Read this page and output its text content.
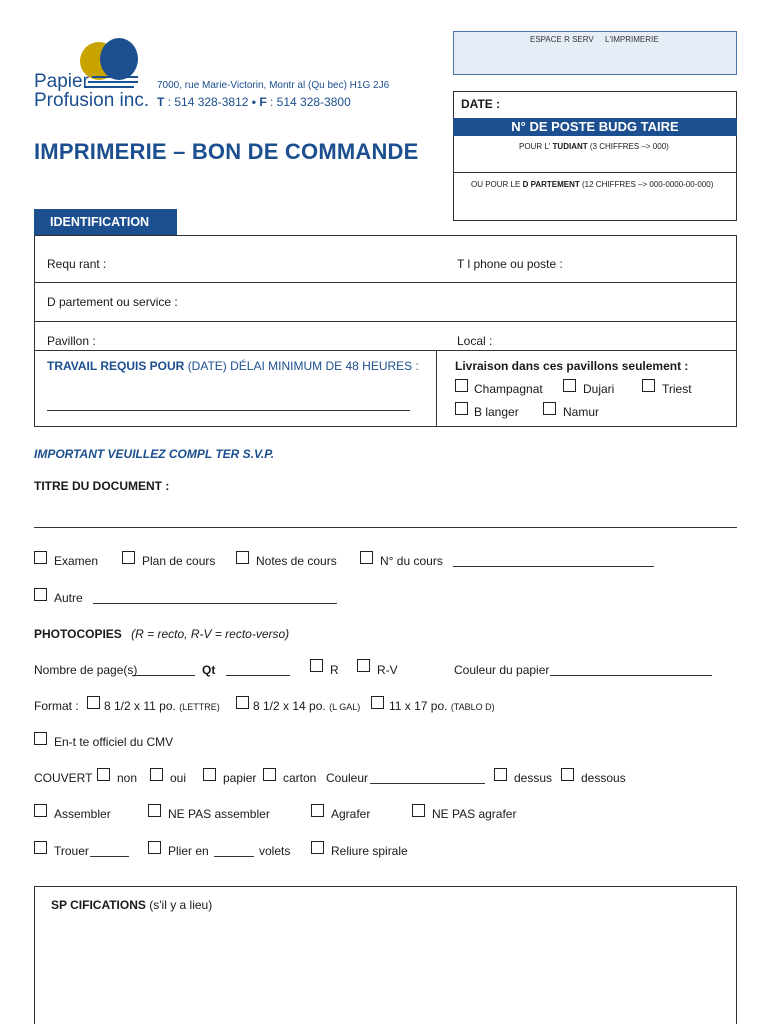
Papier
Profusion inc.
7000, rue Marie-Victorin, Montr al (Qu bec) H1G 2J6
T : 514 328-3812 • F : 514 328-3800
IMPRIMERIE – BON DE COMMANDE
ESPACE R SERV L'IMPRIMERIE
DATE :
N° DE POSTE BUDG TAIRE
POUR L' TUDIANT (3 CHIFFRES –> 000)
OU POUR LE D PARTEMENT (12 CHIFFRES –> 000-0000-00-000)
IDENTIFICATION
Requ rant :	T l phone ou poste :
D partement ou service :
Pavillon :	Local :
TRAVAIL REQUIS POUR (DATE) DÉLAI MINIMUM DE 48 HEURES :	Livraison dans ces pavillons seulement :
Champagnat	Dujari	Triest
B langer	Namur
IMPORTANT VEUILLEZ COMPL TER S.V.P.
TITRE DU DOCUMENT :
Examen	Plan de cours	Notes de cours	N° du cours
Autre
PHOTOCOPIES (R = recto, R-V = recto-verso)
Nombre de page(s)	Qt	R	R-V	Couleur du papier
Format : 8 1/2 x 11 po. (LETTRE)	8 1/2 x 14 po. (L GAL) 11 x 17 po. (TABLO D)
En-t te officiel du CMV
COUVERT non	oui	papier carton Couleur	dessus dessous
Assembler	NE PAS assembler	Agrafer	NE PAS agrafer
Trouer	Plier en	volets	Reliure spirale
SP CIFICATIONS (s'il y a lieu)
